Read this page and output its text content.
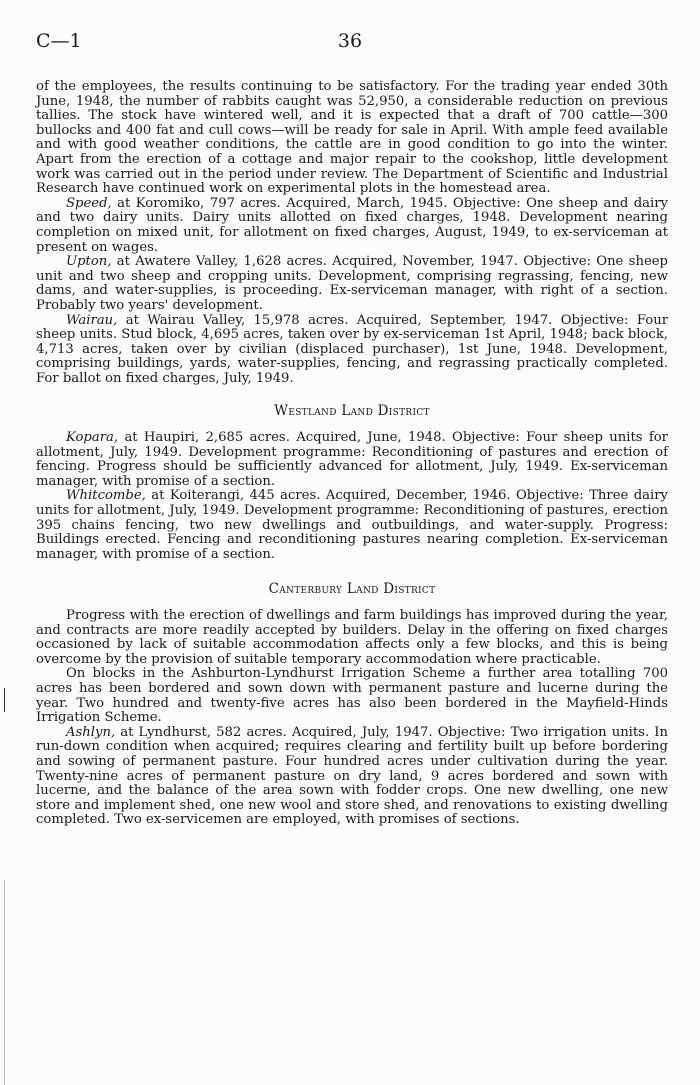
C—1	36

of the employees, the results continuing to be satisfactory. For the trading year ended 30th June, 1948, the number of rabbits caught was 52,950, a considerable reduction on previous tallies. The stock have wintered well, and it is expected that a draft of 700 cattle—300 bullocks and 400 fat and cull cows—will be ready for sale in April. With ample feed available and with good weather conditions, the cattle are in good condition to go into the winter. Apart from the erection of a cottage and major repair to the cookshop, little development work was carried out in the period under review. The Department of Scientific and Industrial Research have continued work on experimental plots in the homestead area.

Speed, at Koromiko, 797 acres. Acquired, March, 1945. Objective: One sheep and dairy and two dairy units. Dairy units allotted on fixed charges, 1948. Development nearing completion on mixed unit, for allotment on fixed charges, August, 1949, to ex-serviceman at present on wages.

Upton, at Awatere Valley, 1,628 acres. Acquired, November, 1947. Objective: One sheep unit and two sheep and cropping units. Development, comprising regrassing, fencing, new dams, and water-supplies, is proceeding. Ex-serviceman manager, with right of a section. Probably two years' development.

Wairau, at Wairau Valley, 15,978 acres. Acquired, September, 1947. Objective: Four sheep units. Stud block, 4,695 acres, taken over by ex-serviceman 1st April, 1948; back block, 4,713 acres, taken over by civilian (displaced purchaser), 1st June, 1948. Development, comprising buildings, yards, water-supplies, fencing, and regrassing practically completed. For ballot on fixed charges, July, 1949.

Westland Land District

Kopara, at Haupiri, 2,685 acres. Acquired, June, 1948. Objective: Four sheep units for allotment, July, 1949. Development programme: Reconditioning of pastures and erection of fencing. Progress should be sufficiently advanced for allotment, July, 1949. Ex-serviceman manager, with promise of a section.

Whitcombe, at Koiterangi, 445 acres. Acquired, December, 1946. Objective: Three dairy units for allotment, July, 1949. Development programme: Reconditioning of pastures, erection 395 chains fencing, two new dwellings and outbuildings, and water-supply. Progress: Buildings erected. Fencing and reconditioning pastures nearing completion. Ex-serviceman manager, with promise of a section.

Canterbury Land District

Progress with the erection of dwellings and farm buildings has improved during the year, and contracts are more readily accepted by builders. Delay in the offering on fixed charges occasioned by lack of suitable accommodation affects only a few blocks, and this is being overcome by the provision of suitable temporary accommodation where practicable.

On blocks in the Ashburton-Lyndhurst Irrigation Scheme a further area totalling 700 acres has been bordered and sown down with permanent pasture and lucerne during the year. Two hundred and twenty-five acres has also been bordered in the Mayfield-Hinds Irrigation Scheme.

Ashlyn, at Lyndhurst, 582 acres. Acquired, July, 1947. Objective: Two irrigation units. In run-down condition when acquired; requires clearing and fertility built up before bordering and sowing of permanent pasture. Four hundred acres under cultivation during the year. Twenty-nine acres of permanent pasture on dry land, 9 acres bordered and sown with lucerne, and the balance of the area sown with fodder crops. One new dwelling, one new store and implement shed, one new wool and store shed, and renovations to existing dwelling completed. Two ex-servicemen are employed, with promises of sections.
